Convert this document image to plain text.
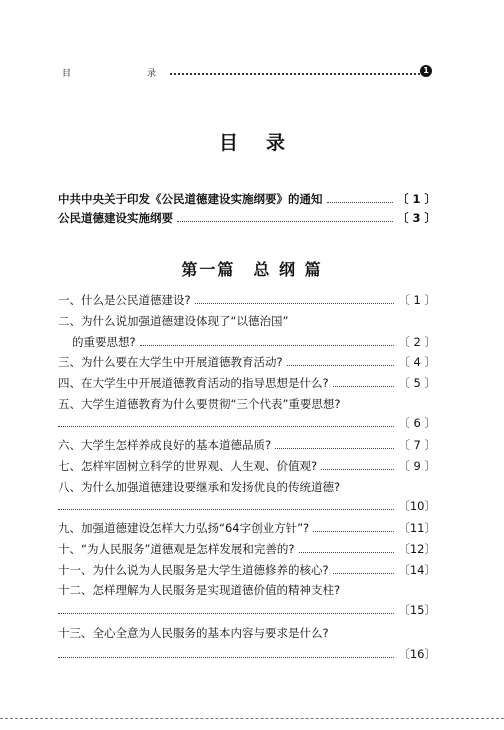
目	录	1
目录
中共中央关于印发《公民道德建设实施纲要》的通知	〔 1 〕
公民道德建设实施纲要	〔 3 〕
第一篇　总 纲 篇
一、什么是公民道德建设?	〔 1 〕
二、为什么说加强道德建设体现了“以德治国”
的重要思想?	〔 2 〕
三、为什么要在大学生中开展道德教育活动?	〔 4 〕
四、在大学生中开展道德教育活动的指导思想是什么?	〔 5 〕
五、大学生道德教育为什么要贯彻“三个代表”重要思想?
〔 6 〕
六、大学生怎样养成良好的基本道德品质?	〔 7 〕
七、怎样牢固树立科学的世界观、人生观、价值观?	〔 9 〕
八、为什么加强道德建设要继承和发扬优良的传统道德?
〔10〕
九、加强道德建设怎样大力弘扬“64字创业方针”?	〔11〕
十、“为人民服务”道德观是怎样发展和完善的?	〔12〕
十一、为什么说为人民服务是大学生道德修养的核心?	〔14〕
十二、怎样理解为人民服务是实现道德价值的精神支柱?
〔15〕
十三、全心全意为人民服务的基本内容与要求是什么?
〔16〕
